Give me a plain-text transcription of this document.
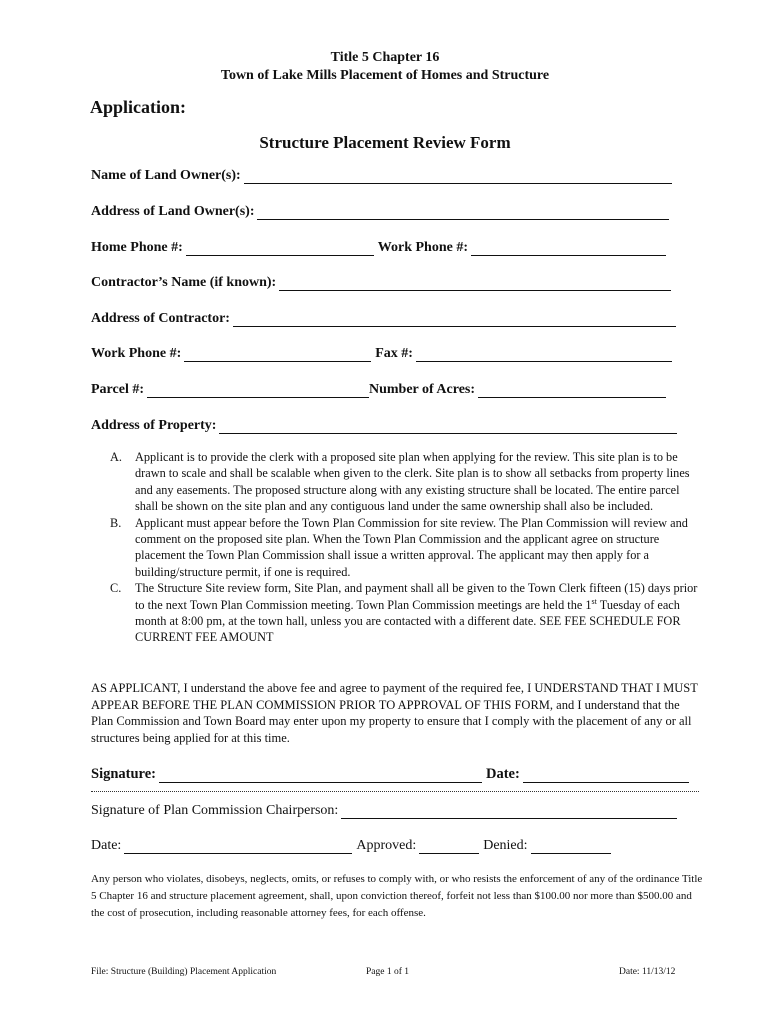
Title 5 Chapter 16
Town of Lake Mills Placement of Homes and Structure
Application:
Structure Placement Review Form
Name of Land Owner(s):
Address of Land Owner(s):
Home Phone #:	Work Phone #:
Contractor’s Name (if known):
Address of Contractor:
Work Phone #:	Fax #:
Parcel #:	Number of Acres:
Address of Property:
A.	Applicant is to provide the clerk with a proposed site plan when applying for the review. This site plan is to be drawn to scale and shall be scalable when given to the clerk. Site plan is to show all setbacks from property lines and any easements. The proposed structure along with any existing structure shall be located. The entire parcel shall be shown on the site plan and any contiguous land under the same ownership shall also be included.
B.	Applicant must appear before the Town Plan Commission for site review. The Plan Commission will review and comment on the proposed site plan. When the Town Plan Commission and the applicant agree on structure placement the Town Plan Commission shall issue a written approval. The applicant may then apply for a building/structure permit, if one is required.
C.	The Structure Site review form, Site Plan, and payment shall all be given to the Town Clerk fifteen (15) days prior to the next Town Plan Commission meeting. Town Plan Commission meetings are held the 1st Tuesday of each month at 8:00 pm, at the town hall, unless you are contacted with a different date. SEE FEE SCHEDULE FOR CURRENT FEE AMOUNT
AS APPLICANT, I understand the above fee and agree to payment of the required fee, I UNDERSTAND THAT I MUST APPEAR BEFORE THE PLAN COMMISSION PRIOR TO APPROVAL OF THIS FORM, and I understand that the Plan Commission and Town Board may enter upon my property to ensure that I comply with the placement of any or all structures being applied for at this time.
Signature:	Date:
Signature of Plan Commission Chairperson:
Date:	Approved:	Denied:
Any person who violates, disobeys, neglects, omits, or refuses to comply with, or who resists the enforcement of any of the ordinance Title 5 Chapter 16 and structure placement agreement, shall, upon conviction thereof, forfeit not less than $100.00 nor more than $500.00 and the cost of prosecution, including reasonable attorney fees, for each offense.
File: Structure (Building) Placement Application	Page 1 of 1	Date: 11/13/12
